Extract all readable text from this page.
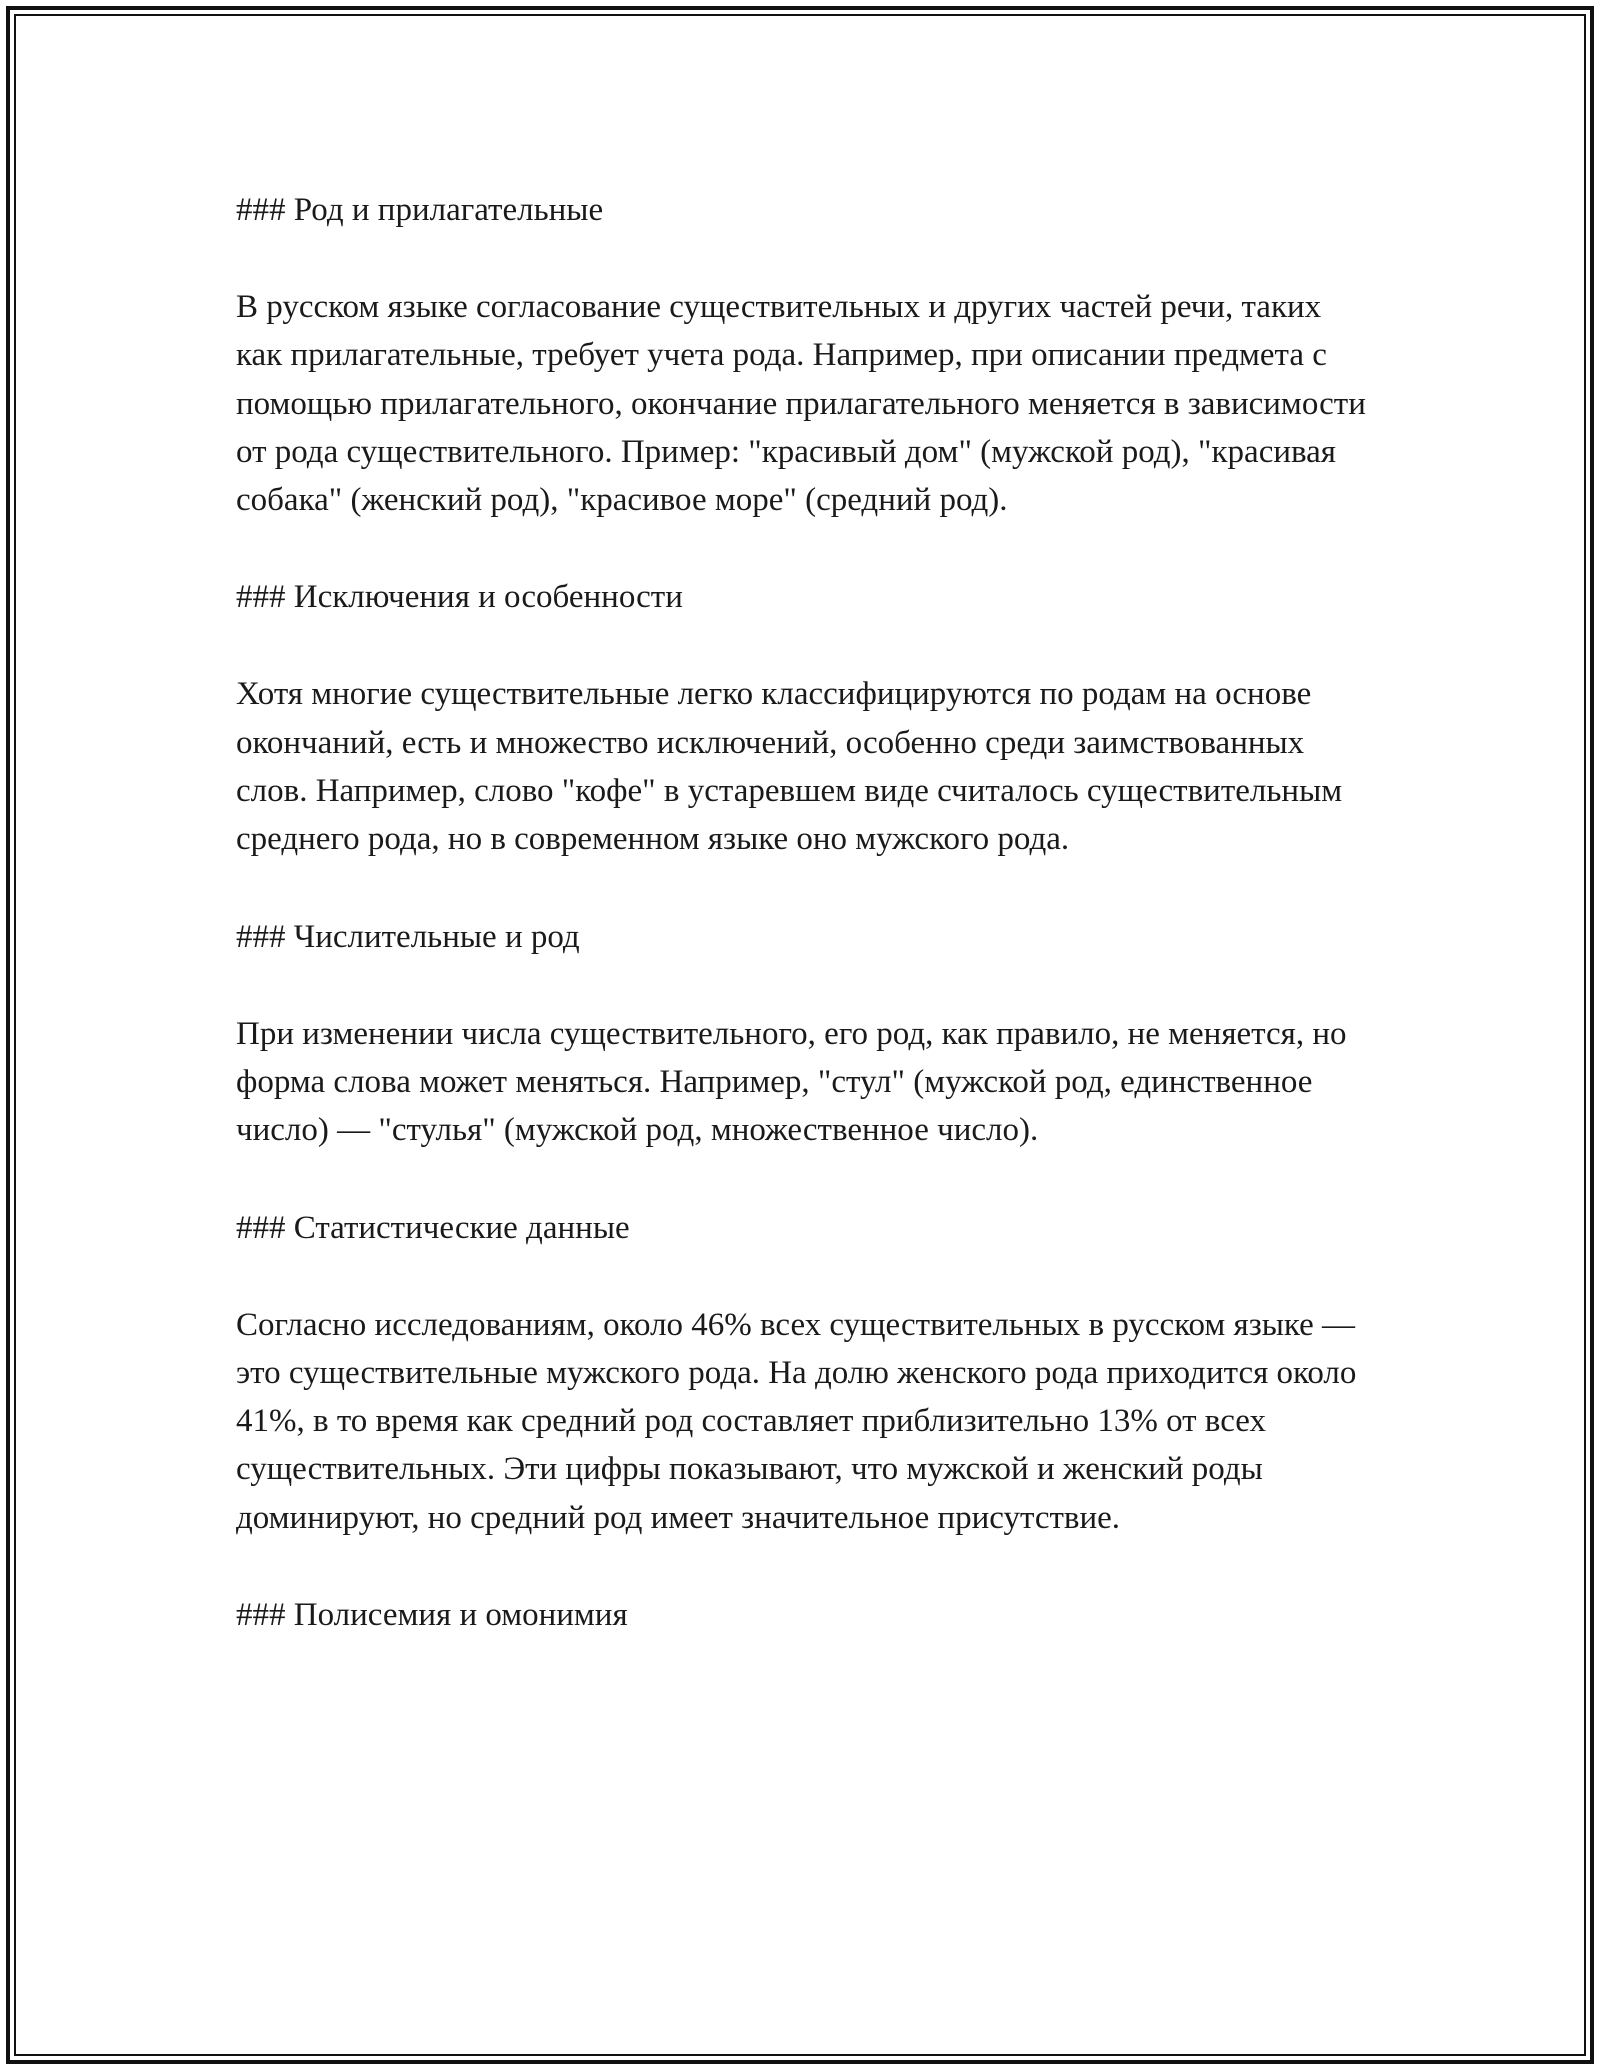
### Род и прилагательные
В русском языке согласование существительных и других частей речи, таких как прилагательные, требует учета рода. Например, при описании предмета с помощью прилагательного, окончание прилагательного меняется в зависимости от рода существительного. Пример: "красивый дом" (мужской род), "красивая собака" (женский род), "красивое море" (средний род).
### Исключения и особенности
Хотя многие существительные легко классифицируются по родам на основе окончаний, есть и множество исключений, особенно среди заимствованных слов. Например, слово "кофе" в устаревшем виде считалось существительным среднего рода, но в современном языке оно мужского рода.
### Числительные и род
При изменении числа существительного, его род, как правило, не меняется, но форма слова может меняться. Например, "стул" (мужской род, единственное число) — "стулья" (мужской род, множественное число).
### Статистические данные
Согласно исследованиям, около 46% всех существительных в русском языке — это существительные мужского рода. На долю женского рода приходится около 41%, в то время как средний род составляет приблизительно 13% от всех существительных. Эти цифры показывают, что мужской и женский роды доминируют, но средний род имеет значительное присутствие.
### Полисемия и омонимия
